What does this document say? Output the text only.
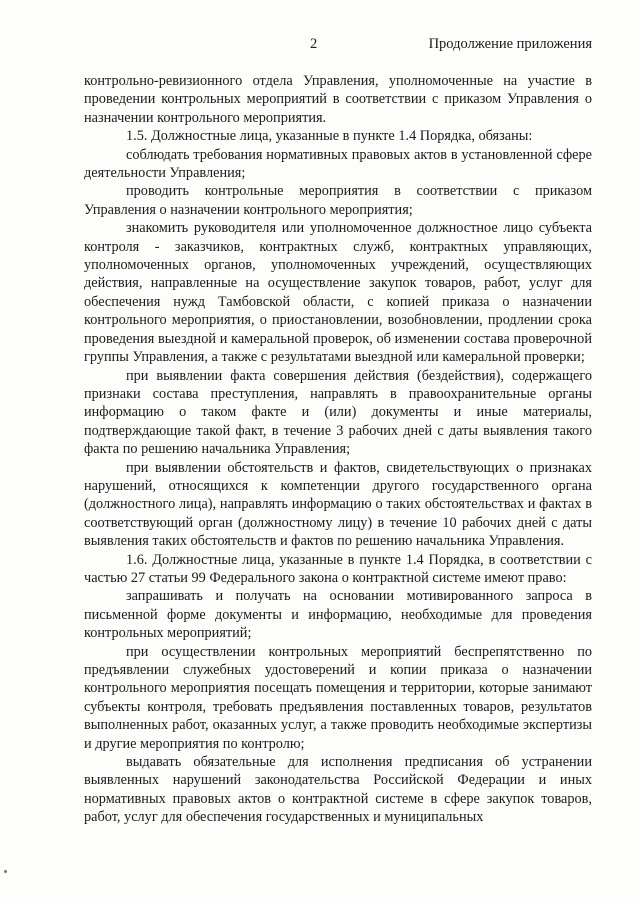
2	Продолжение приложения

контрольно-ревизионного отдела Управления, уполномоченные на участие в проведении контрольных мероприятий в соответствии с приказом Управления о назначении контрольного мероприятия.

1.5. Должностные лица, указанные в пункте 1.4 Порядка, обязаны:

соблюдать требования нормативных правовых актов в установленной сфере деятельности Управления;

проводить контрольные мероприятия в соответствии с приказом Управления о назначении контрольного мероприятия;

знакомить руководителя или уполномоченное должностное лицо субъекта контроля - заказчиков, контрактных служб, контрактных управляющих, уполномоченных органов, уполномоченных учреждений, осуществляющих действия, направленные на осуществление закупок товаров, работ, услуг для обеспечения нужд Тамбовской области, с копией приказа о назначении контрольного мероприятия, о приостановлении, возобновлении, продлении срока проведения выездной и камеральной проверок, об изменении состава проверочной группы Управления, а также с результатами выездной или камеральной проверки;

при выявлении факта совершения действия (бездействия), содержащего признаки состава преступления, направлять в правоохранительные органы информацию о таком факте и (или) документы и иные материалы, подтверждающие такой факт, в течение 3 рабочих дней с даты выявления такого факта по решению начальника Управления;

при выявлении обстоятельств и фактов, свидетельствующих о признаках нарушений, относящихся к компетенции другого государственного органа (должностного лица), направлять информацию о таких обстоятельствах и фактах в соответствующий орган (должностному лицу) в течение 10 рабочих дней с даты выявления таких обстоятельств и фактов по решению начальника Управления.

1.6. Должностные лица, указанные в пункте 1.4 Порядка, в соответствии с частью 27 статьи 99 Федерального закона о контрактной системе имеют право:

запрашивать и получать на основании мотивированного запроса в письменной форме документы и информацию, необходимые для проведения контрольных мероприятий;

при осуществлении контрольных мероприятий беспрепятственно по предъявлении служебных удостоверений и копии приказа о назначении контрольного мероприятия посещать помещения и территории, которые занимают субъекты контроля, требовать предъявления поставленных товаров, результатов выполненных работ, оказанных услуг, а также проводить необходимые экспертизы и другие мероприятия по контролю;

выдавать обязательные для исполнения предписания об устранении выявленных нарушений законодательства Российской Федерации и иных нормативных правовых актов о контрактной системе в сфере закупок товаров, работ, услуг для обеспечения государственных и муниципальных
